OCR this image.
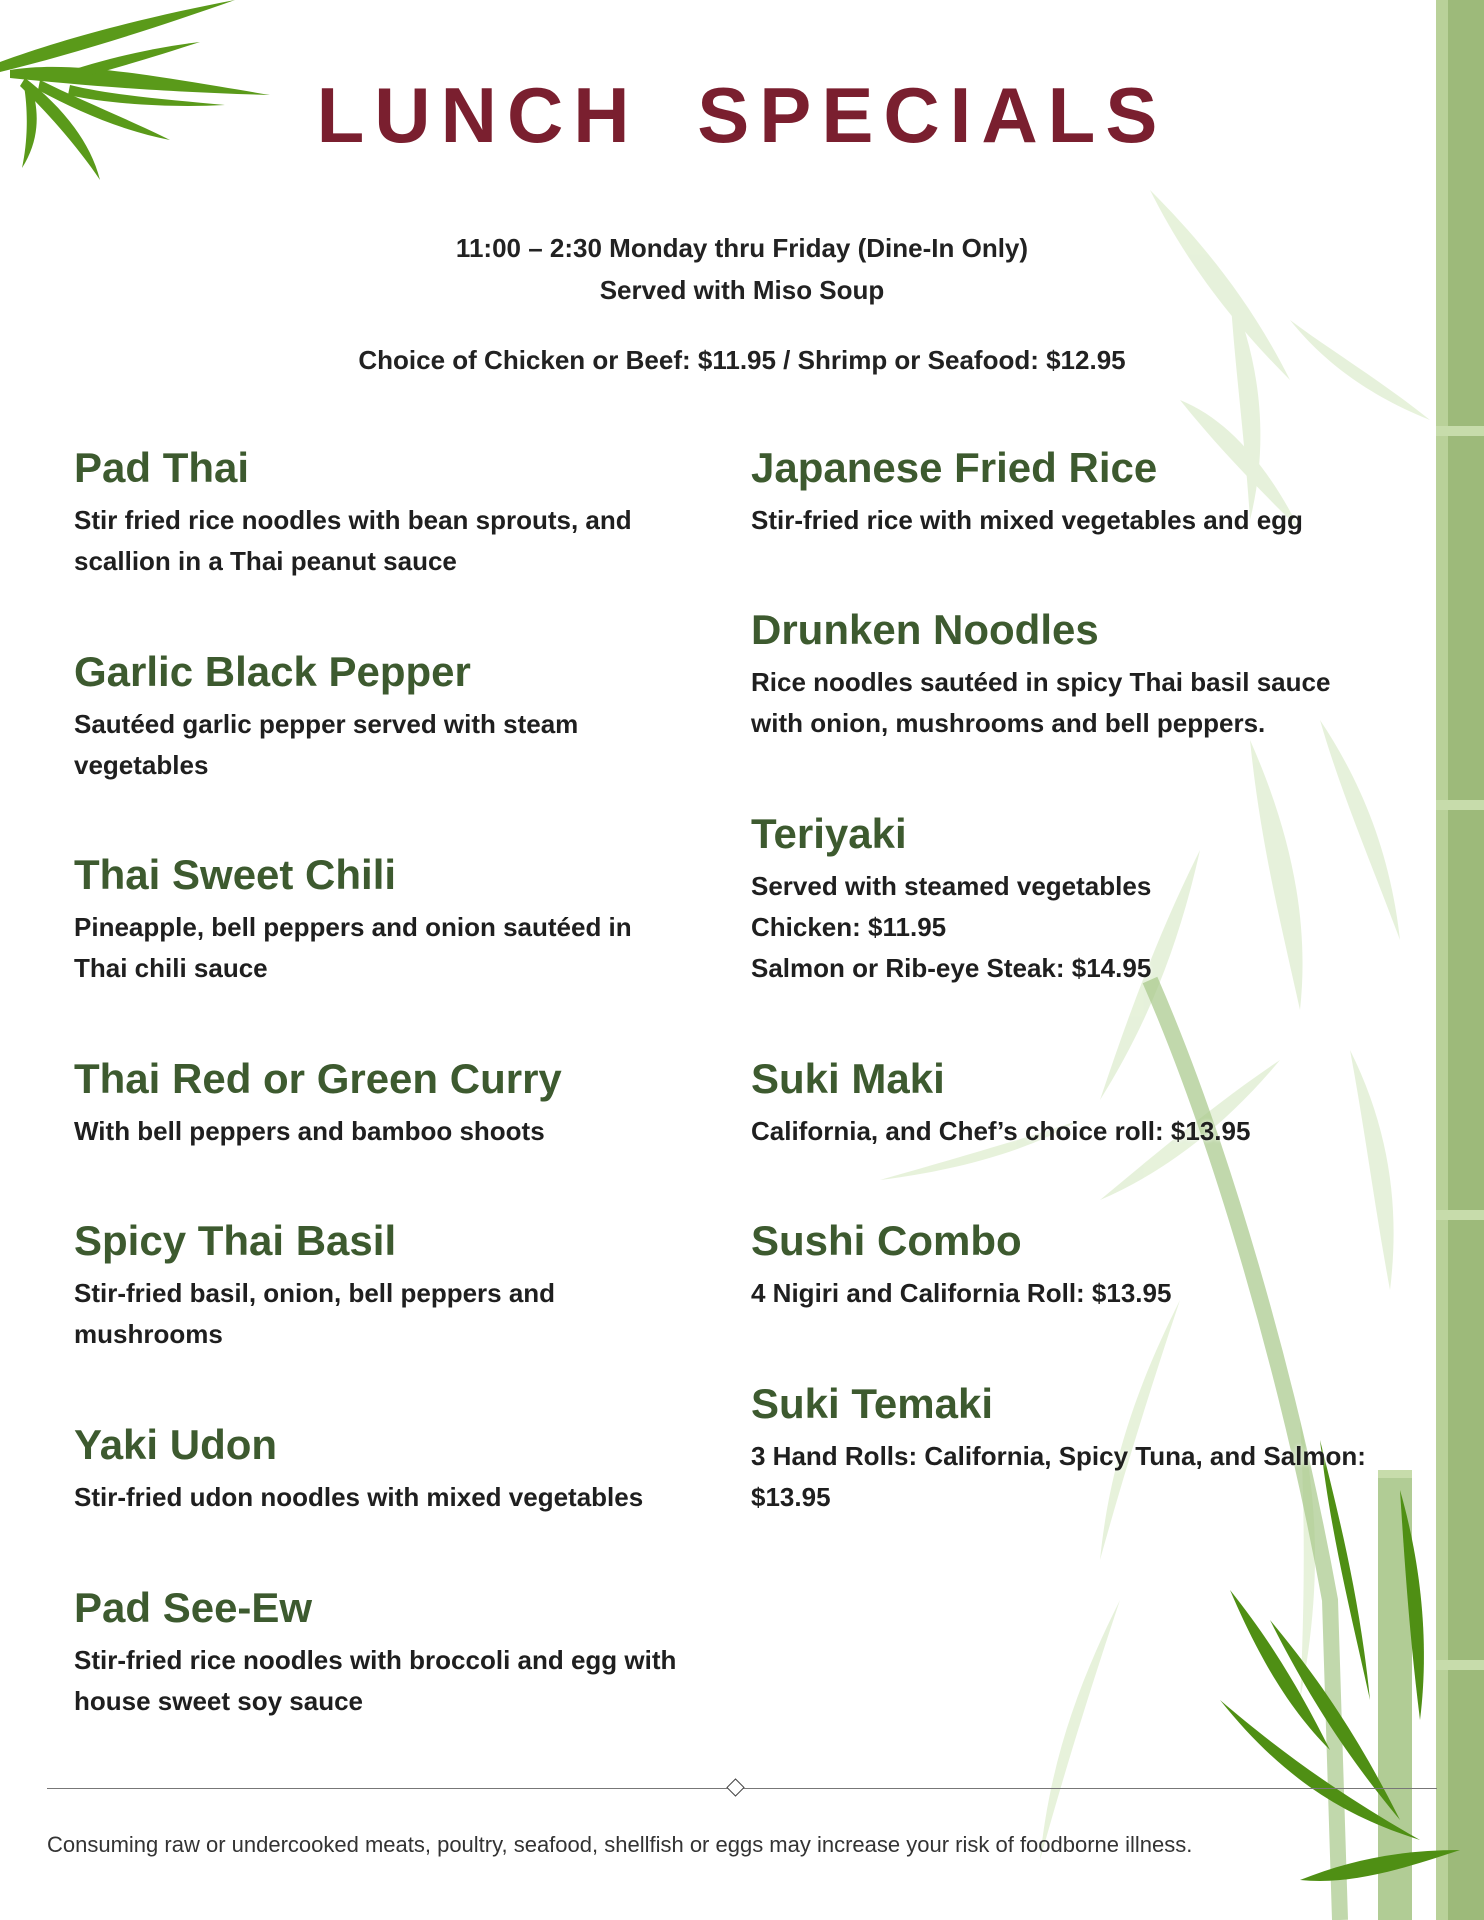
LUNCH SPECIALS
11:00 – 2:30 Monday thru Friday (Dine-In Only)
Served with Miso Soup
Choice of Chicken or Beef: $11.95 / Shrimp or Seafood: $12.95
Pad Thai
Stir fried rice noodles with bean sprouts, and
scallion in a Thai peanut sauce
Garlic Black Pepper
Sautéed garlic pepper served with steam
vegetables
Thai Sweet Chili
Pineapple, bell peppers and onion sautéed in
Thai chili sauce
Thai Red or Green Curry
With bell peppers and bamboo shoots
Spicy Thai Basil
Stir-fried basil, onion, bell peppers and
mushrooms
Yaki Udon
Stir-fried udon noodles with mixed vegetables
Pad See-Ew
Stir-fried rice noodles with broccoli and egg with
house sweet soy sauce
Japanese Fried Rice
Stir-fried rice with mixed vegetables and egg
Drunken Noodles
Rice noodles sautéed in spicy Thai basil sauce
with onion, mushrooms and bell peppers.
Teriyaki
Served with steamed vegetables
Chicken: $11.95
Salmon or Rib-eye Steak: $14.95
Suki Maki
California, and Chef’s choice roll: $13.95
Sushi Combo
4 Nigiri and California Roll: $13.95
Suki Temaki
3 Hand Rolls: California, Spicy Tuna, and Salmon:
$13.95
Consuming raw or undercooked meats, poultry, seafood, shellfish or eggs may increase your risk of foodborne illness.
